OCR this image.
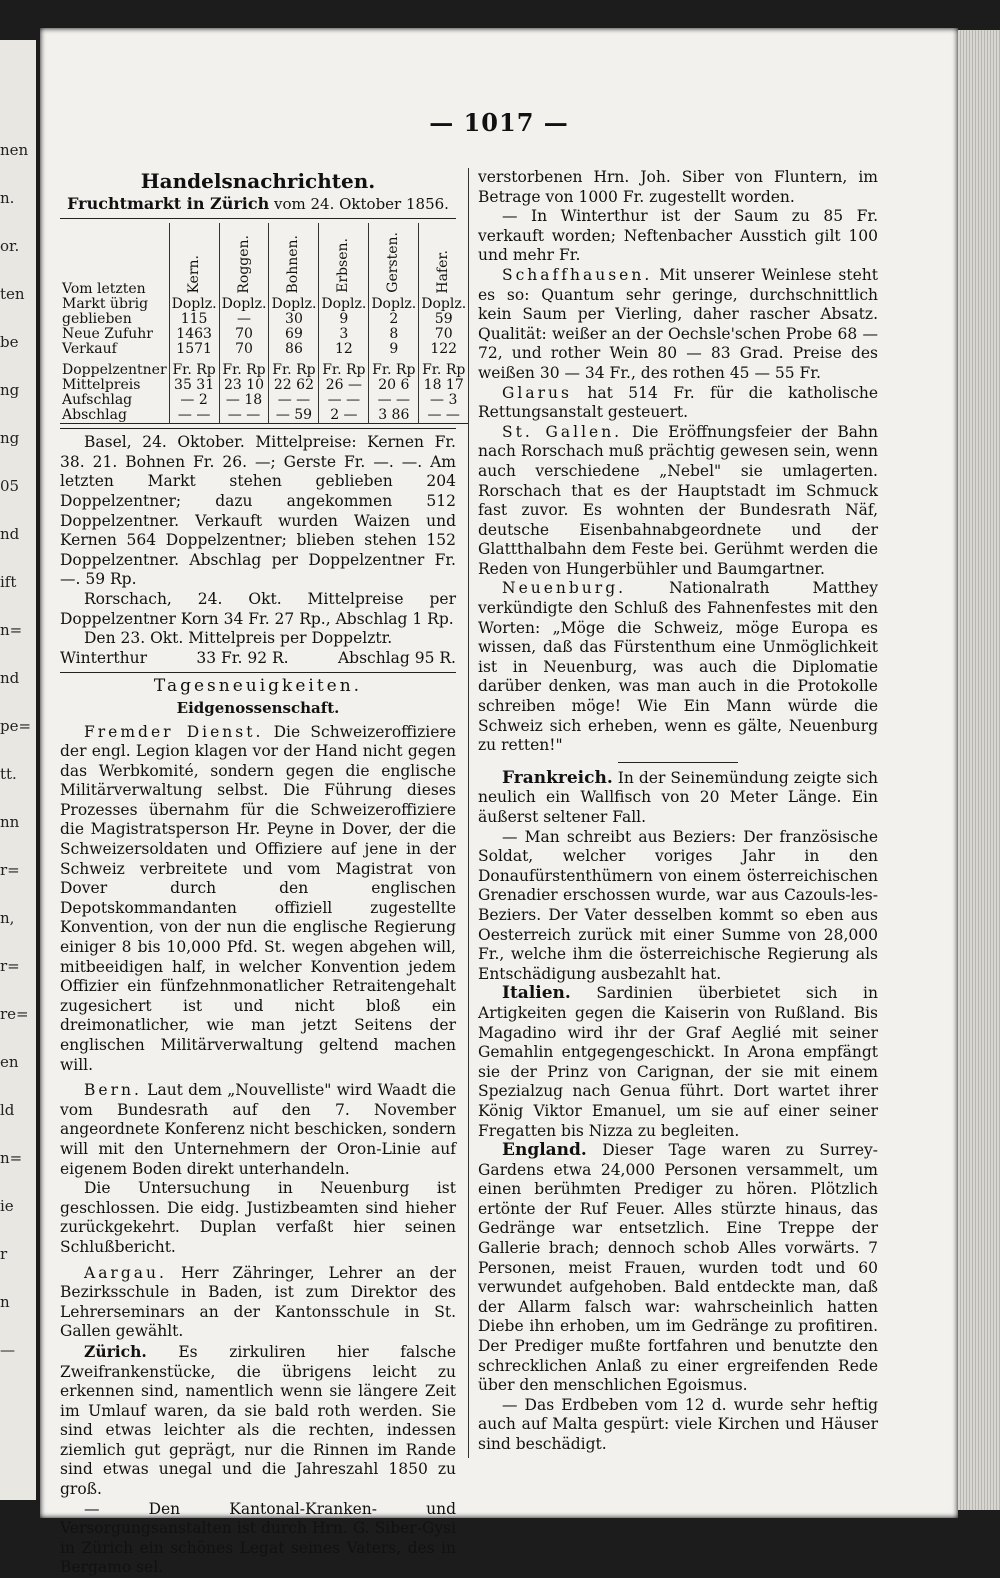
nen
n.
or.
ten
be
ng
ng
05
nd
ift
n=
nd
pe=
tt.
nn
r=
n,
r=
re=
en
ld
n=
ie
r
n
—
— 1017 —
Handelsnachrichten.
Fruchtmarkt in Zürich vom 24. Oktober 1856.
Vom letzten	Kern.	Roggen.	Bohnen.	Erbsen.	Gersten.	Hafer.
Markt übrig	Doplz.	Doplz.	Doplz.	Doplz.	Doplz.	Doplz.
geblieben	115	—	30	9	2	59
Neue Zufuhr	1463	70	69	3	8	70
Verkauf	1571	70	86	12	9	122

Doppelzentner	Fr. Rp	Fr. Rp	Fr. Rp	Fr. Rp	Fr. Rp	Fr. Rp
Mittelpreis	35 31	23 10	22 62	26 —	20 6	18 17
Aufschlag	— 2	— 18	— —	— —	— —	— 3
Abschlag	— —	— —	— 59	2 —	3 86	— —

Basel, 24. Oktober. Mittelpreise: Kernen Fr. 38. 21. Bohnen Fr. 26. —; Gerste Fr. —. —. Am letzten Markt stehen geblieben 204 Doppelzentner; dazu angekommen 512 Doppelzentner. Verkauft wurden Waizen und Kernen 564 Doppelzentner; blieben stehen 152 Doppelzentner. Abschlag per Doppelzentner Fr. —. 59 Rp.

Rorschach, 24. Okt. Mittelpreise per Doppelzentner Korn 34 Fr. 27 Rp., Abschlag 1 Rp.

Den 23. Okt. Mittelpreis per Doppelztr.

Winterthur	33 Fr. 92 R.	Abschlag 95 R.
Tagesneuigkeiten.
Eidgenossenschaft.

Fremder Dienst. Die Schweizeroffiziere der engl. Legion klagen vor der Hand nicht gegen das Werbkomité, sondern gegen die englische Militärverwaltung selbst. Die Führung dieses Prozesses übernahm für die Schweizeroffiziere die Magistratsperson Hr. Peyne in Dover, der die Schweizersoldaten und Offiziere auf jene in der Schweiz verbreitete und vom Magistrat von Dover durch den englischen Depotskommandanten offiziell zugestellte Konvention, von der nun die englische Regierung einiger 8 bis 10,000 Pfd. St. wegen abgehen will, mitbeeidigen half, in welcher Konvention jedem Offizier ein fünfzehnmonatlicher Retraitengehalt zugesichert ist und nicht bloß ein dreimonatlicher, wie man jetzt Seitens der englischen Militärverwaltung geltend machen will.

Bern. Laut dem „Nouvelliste" wird Waadt die vom Bundesrath auf den 7. November angeordnete Konferenz nicht beschicken, sondern will mit den Unternehmern der Oron-Linie auf eigenem Boden direkt unterhandeln.

Die Untersuchung in Neuenburg ist geschlossen. Die eidg. Justizbeamten sind hieher zurückgekehrt. Duplan verfaßt hier seinen Schlußbericht.

Aargau. Herr Zähringer, Lehrer an der Bezirksschule in Baden, ist zum Direktor des Lehrerseminars an der Kantonsschule in St. Gallen gewählt.

Zürich. Es zirkuliren hier falsche Zweifrankenstücke, die übrigens leicht zu erkennen sind, namentlich wenn sie längere Zeit im Umlauf waren, da sie bald roth werden. Sie sind etwas leichter als die rechten, indessen ziemlich gut geprägt, nur die Rinnen im Rande sind etwas unegal und die Jahreszahl 1850 zu groß.

— Den Kantonal-Kranken- und Versorgungsanstalten ist durch Hrn. G. Siber-Gysi in Zürich ein schönes Legat seines Vaters, des in Bergamo sel.

verstorbenen Hrn. Joh. Siber von Fluntern, im Betrage von 1000 Fr. zugestellt worden.

— In Winterthur ist der Saum zu 85 Fr. verkauft worden; Neftenbacher Ausstich gilt 100 und mehr Fr.

Schaffhausen. Mit unserer Weinlese steht es so: Quantum sehr geringe, durchschnittlich kein Saum per Vierling, daher rascher Absatz. Qualität: weißer an der Oechsle'schen Probe 68 — 72, und rother Wein 80 — 83 Grad. Preise des weißen 30 — 34 Fr., des rothen 45 — 55 Fr.

Glarus hat 514 Fr. für die katholische Rettungsanstalt gesteuert.

St. Gallen. Die Eröffnungsfeier der Bahn nach Rorschach muß prächtig gewesen sein, wenn auch verschiedene „Nebel" sie umlagerten. Rorschach that es der Hauptstadt im Schmuck fast zuvor. Es wohnten der Bundesrath Näf, deutsche Eisenbahnabgeordnete und der Glattthalbahn dem Feste bei. Gerühmt werden die Reden von Hungerbühler und Baumgartner.

Neuenburg.	Nationalrath Matthey verkündigte den Schluß des Fahnenfestes mit den Worten: „Möge die Schweiz, möge Europa es wissen, daß das Fürstenthum eine Unmöglichkeit ist in Neuenburg, was auch die Diplomatie darüber denken, was man auch in die Protokolle schreiben möge! Wie Ein Mann würde die Schweiz sich erheben, wenn es gälte, Neuenburg zu retten!"

Frankreich. In der Seinemündung zeigte sich neulich ein Wallfisch von 20 Meter Länge. Ein äußerst seltener Fall.

— Man schreibt aus Beziers: Der französische Soldat, welcher voriges Jahr in den Donaufürstenthümern von einem österreichischen Grenadier erschossen wurde, war aus Cazouls-les-Beziers. Der Vater desselben kommt so eben aus Oesterreich zurück mit einer Summe von 28,000 Fr., welche ihm die österreichische Regierung als Entschädigung ausbezahlt hat.

Italien. Sardinien überbietet sich in Artigkeiten gegen die Kaiserin von Rußland. Bis Magadino wird ihr der Graf Aeglié mit seiner Gemahlin entgegengeschickt. In Arona empfängt sie der Prinz von Carignan, der sie mit einem Spezialzug nach Genua führt. Dort wartet ihrer König Viktor Emanuel, um sie auf einer seiner Fregatten bis Nizza zu begleiten.

England. Dieser Tage waren zu Surrey-Gardens etwa 24,000 Personen versammelt, um einen berühmten Prediger zu hören. Plötzlich ertönte der Ruf Feuer. Alles stürzte hinaus, das Gedränge war entsetzlich. Eine Treppe der Gallerie brach; dennoch schob Alles vorwärts. 7 Personen, meist Frauen, wurden todt und 60 verwundet aufgehoben. Bald entdeckte man, daß der Allarm falsch war: wahrscheinlich hatten Diebe ihn erhoben, um im Gedränge zu profitiren. Der Prediger mußte fortfahren und benutzte den schrecklichen Anlaß zu einer ergreifenden Rede über den menschlichen Egoismus.

— Das Erdbeben vom 12 d. wurde sehr heftig auch auf Malta gespürt: viele Kirchen und Häuser sind beschädigt.
